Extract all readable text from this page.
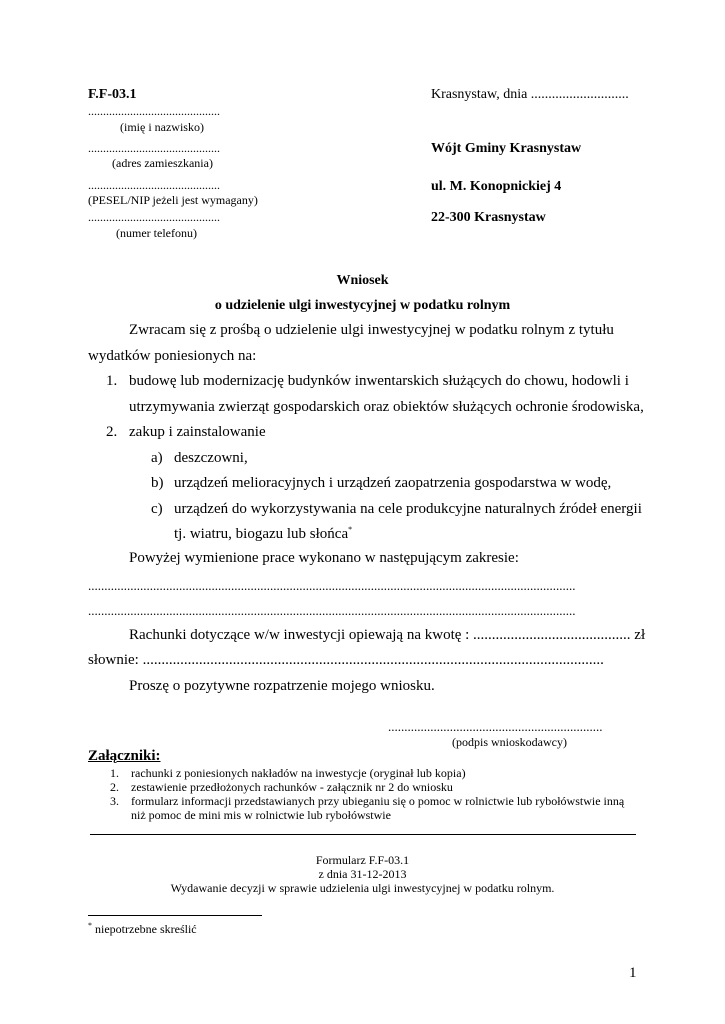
F.F-03.1
............................................
(imię i nazwisko)
............................................
(adres zamieszkania)
............................................
(PESEL/NIP jeżeli jest wymagany)
............................................
(numer telefonu)
Krasnystaw, dnia ............................
Wójt Gminy Krasnystaw
ul. M. Konopnickiej 4
22-300 Krasnystaw
Wniosek
o udzielenie ulgi inwestycyjnej w podatku rolnym
Zwracam się z prośbą o udzielenie ulgi inwestycyjnej w podatku rolnym z tytułu
wydatków poniesionych na:
1. budowę lub modernizację budynków inwentarskich służących do chowu, hodowli i
utrzymywania zwierząt gospodarskich oraz obiektów służących ochronie środowiska,
2. zakup i zainstalowanie
a) deszczowni,
b) urządzeń melioracyjnych i urządzeń zaopatrzenia gospodarstwa w wodę,
c) urządzeń do wykorzystywania na cele produkcyjne naturalnych źródeł energii
tj. wiatru, biogazu lub słońca*
Powyżej wymienione prace wykonano w następującym zakresie:
......................................................................................................................................................
......................................................................................................................................................
Rachunki dotyczące w/w inwestycji opiewają na kwotę : .......................................... zł
słownie: ...........................................................................................................................
Proszę o pozytywne rozpatrzenie mojego wniosku.
..................................................................
(podpis wnioskodawcy)
Załączniki:
1. rachunki z poniesionych nakładów na inwestycje (oryginał lub kopia)
2. zestawienie przedłożonych rachunków - załącznik nr 2 do wniosku
3. formularz informacji przedstawianych przy ubieganiu się o pomoc w rolnictwie lub rybołówstwie inną
niż pomoc de mini mis w rolnictwie lub rybołówstwie
Formularz F.F-03.1
z dnia 31-12-2013
Wydawanie decyzji w sprawie udzielenia ulgi inwestycyjnej w podatku rolnym.
* niepotrzebne skreślić
1
